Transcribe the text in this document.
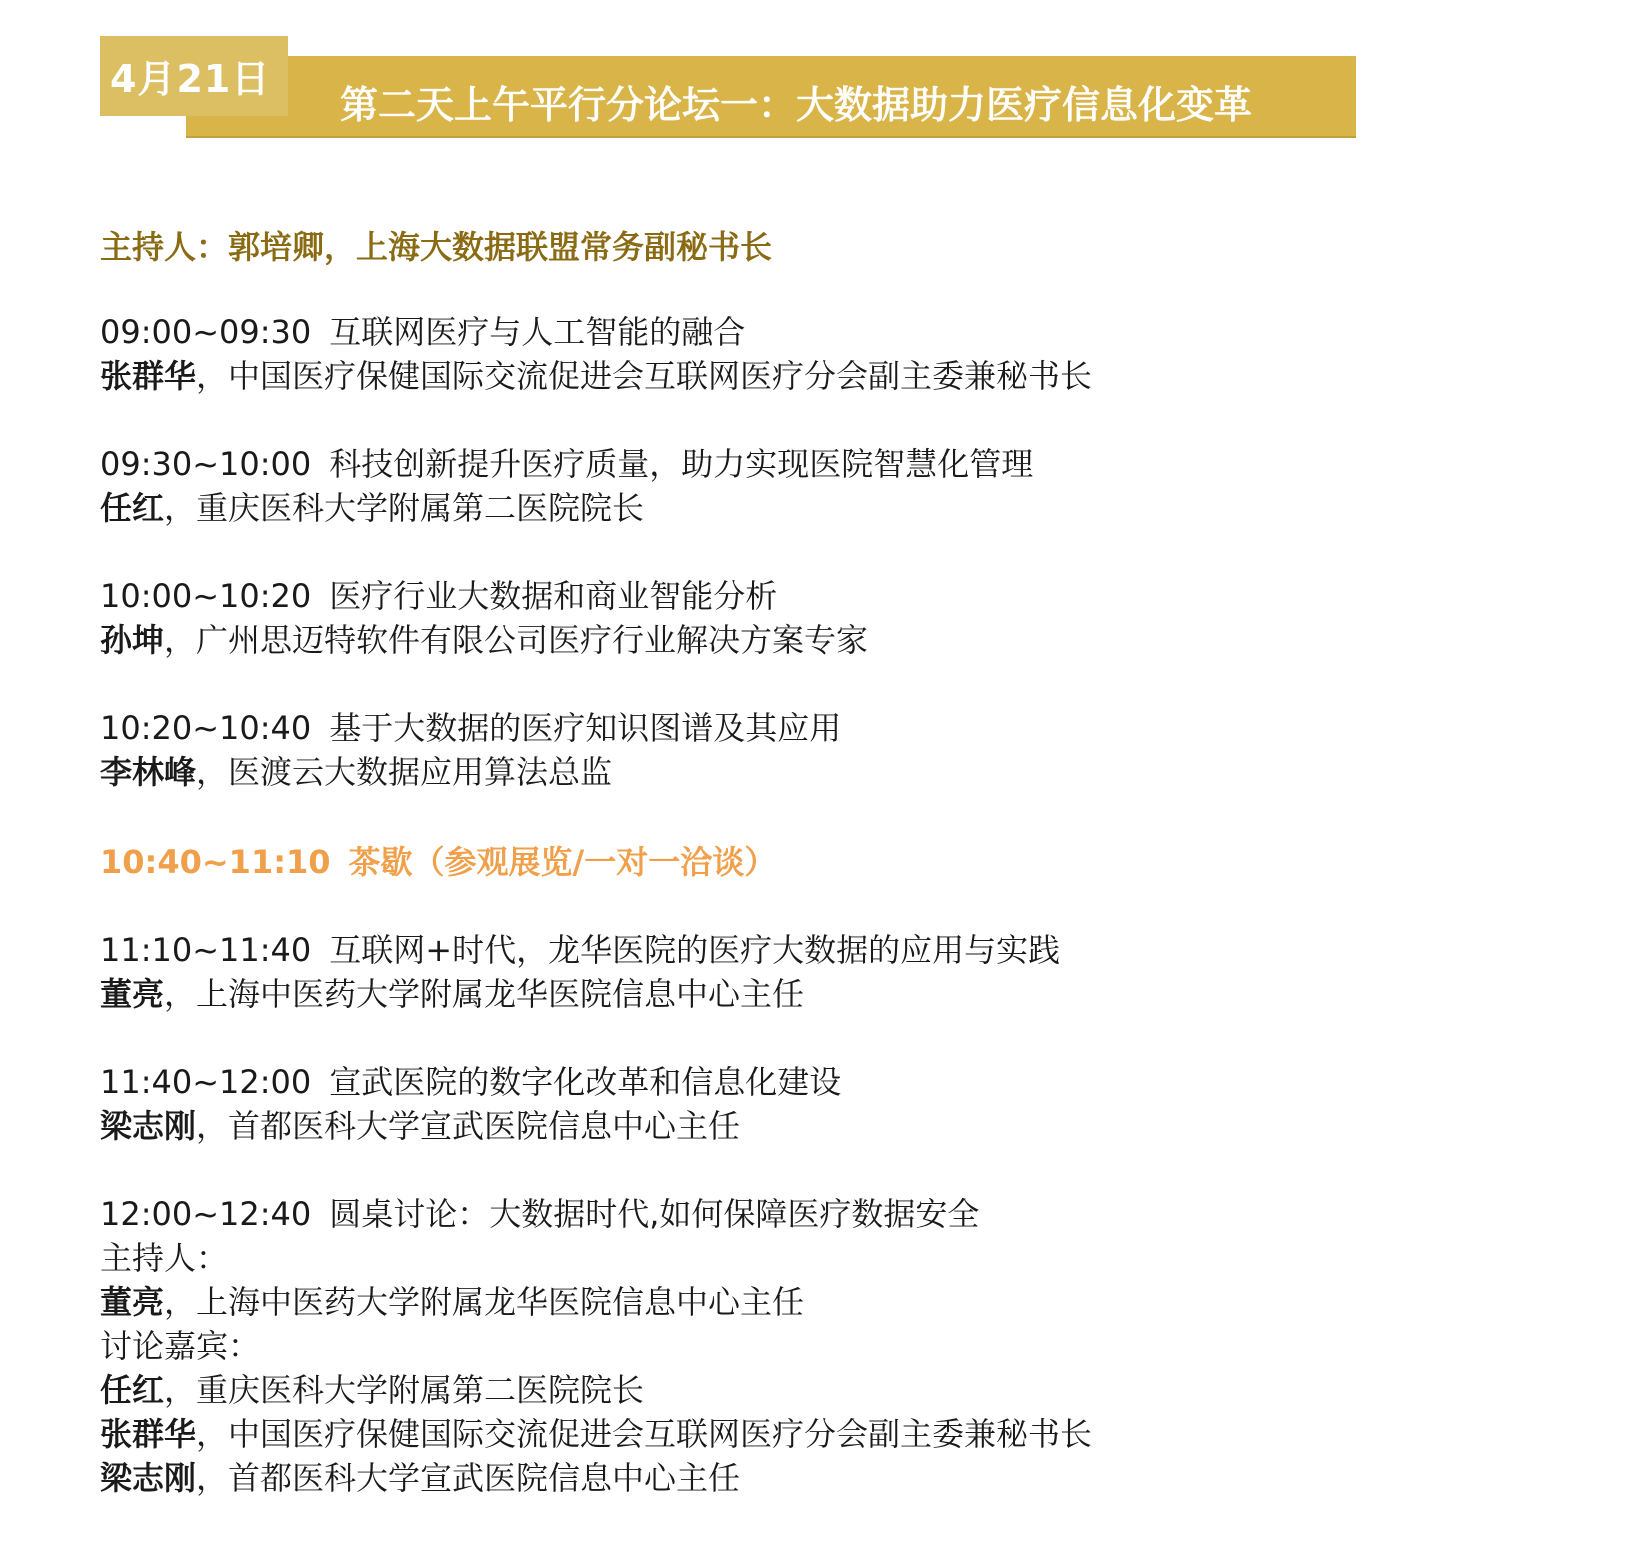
4月21日
第二天上午平行分论坛一：大数据助力医疗信息化变革
主持人：郭培卿，上海大数据联盟常务副秘书长
09:00~09:30 互联网医疗与人工智能的融合
张群华，中国医疗保健国际交流促进会互联网医疗分会副主委兼秘书长
09:30~10:00 科技创新提升医疗质量，助力实现医院智慧化管理
任红，重庆医科大学附属第二医院院长
10:00~10:20 医疗行业大数据和商业智能分析
孙坤，广州思迈特软件有限公司医疗行业解决方案专家
10:20~10:40 基于大数据的医疗知识图谱及其应用
李林峰，医渡云大数据应用算法总监
10:40~11:10 茶歇（参观展览/一对一洽谈）
11:10~11:40 互联网+时代，龙华医院的医疗大数据的应用与实践
董亮，上海中医药大学附属龙华医院信息中心主任
11:40~12:00 宣武医院的数字化改革和信息化建设
梁志刚，首都医科大学宣武医院信息中心主任
12:00~12:40 圆桌讨论：大数据时代,如何保障医疗数据安全
主持人：
董亮，上海中医药大学附属龙华医院信息中心主任
讨论嘉宾：
任红，重庆医科大学附属第二医院院长
张群华，中国医疗保健国际交流促进会互联网医疗分会副主委兼秘书长
梁志刚，首都医科大学宣武医院信息中心主任
